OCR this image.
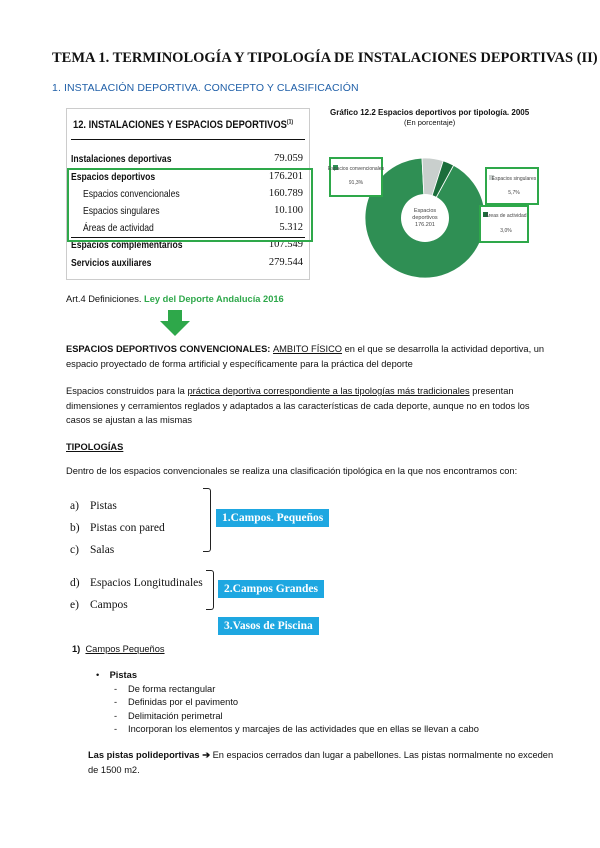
TEMA 1. TERMINOLOGÍA Y TIPOLOGÍA DE INSTALACIONES DEPORTIVAS (II)
1. INSTALACIÓN DEPORTIVA. CONCEPTO Y CLASIFICACIÓN
12. INSTALACIONES Y ESPACIOS DEPORTIVOS$^{(1)}$
Instalaciones deportivas	79.059
Espacios deportivos	176.201
Espacios convencionales	160.789
Espacios singulares	10.100
Áreas de actividad	5.312
Espacios complementarios	107.549
Servicios auxiliares	279.544
Gráfico 12.2 Espacios deportivos por tipología. 2005
(En porcentaje)
Espacios
deportivos
176.201
Espacios convencionales
91,3%
Espacios singulares
5,7%
Áreas de actividad
3,0%
Art.4 Definiciones. Ley del Deporte Andalucía 2016
ESPACIOS DEPORTIVOS CONVENCIONALES: AMBITO FÍSICO en el que se desarrolla la actividad deportiva, un espacio proyectado de forma artificial y específicamente para la práctica del deporte
Espacios construidos para la práctica deportiva correspondiente a las tipologías más tradicionales presentan dimensiones y cerramientos reglados y adaptados a las características de cada deporte, aunque no en todos los casos se ajustan a las mismas
TIPOLOGÍAS
Dentro de los espacios convencionales se realiza una clasificación tipológica en la que nos encontramos con:
a) Pistas
b) Pistas con pared
c) Salas
1.Campos. Pequeños
d) Espacios Longitudinales
e) Campos
2.Campos Grandes
3.Vasos de Piscina
1) Campos Pequeños
•    Pistas
- De forma rectangular
- Definidas por el pavimento
- Delimitación perimetral
- Incorporan los elementos y marcajes de las actividades que en ellas se llevan a cabo
Las pistas polideportivas ➔ En espacios cerrados dan lugar a pabellones. Las pistas normalmente no exceden de 1500 m2.
